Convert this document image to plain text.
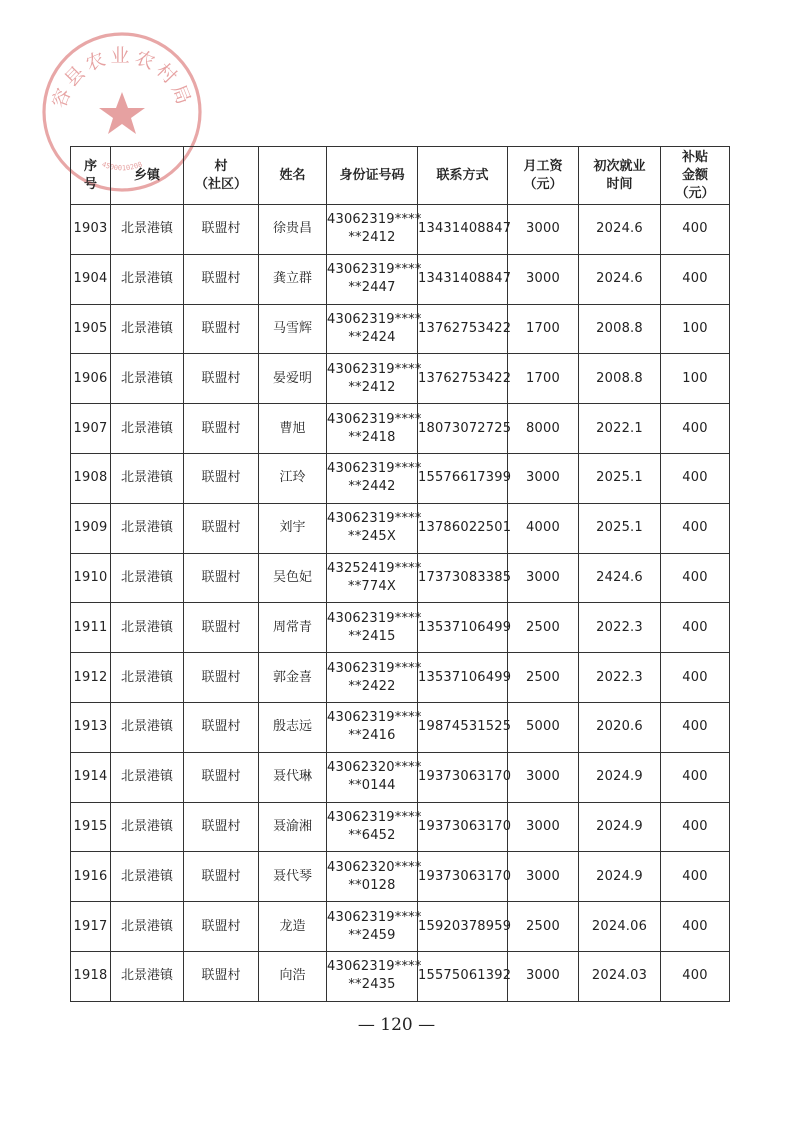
容县农业农村局
4500010208
序
号	乡镇	村
（社区）	姓名	身份证号码	联系方式	月工资
（元）	初次就业
时间	补贴
金额
（元）
1903	北景港镇	联盟村	徐贵昌	43062319****
**2412	13431408847	3000	2024.6	400
1904	北景港镇	联盟村	龚立群	43062319****
**2447	13431408847	3000	2024.6	400
1905	北景港镇	联盟村	马雪辉	43062319****
**2424	13762753422	1700	2008.8	100
1906	北景港镇	联盟村	晏爱明	43062319****
**2412	13762753422	1700	2008.8	100
1907	北景港镇	联盟村	曹旭	43062319****
**2418	18073072725	8000	2022.1	400
1908	北景港镇	联盟村	江玲	43062319****
**2442	15576617399	3000	2025.1	400
1909	北景港镇	联盟村	刘宇	43062319****
**245X	13786022501	4000	2025.1	400
1910	北景港镇	联盟村	吴色妃	43252419****
**774X	17373083385	3000	2424.6	400
1911	北景港镇	联盟村	周常青	43062319****
**2415	13537106499	2500	2022.3	400
1912	北景港镇	联盟村	郭金喜	43062319****
**2422	13537106499	2500	2022.3	400
1913	北景港镇	联盟村	殷志远	43062319****
**2416	19874531525	5000	2020.6	400
1914	北景港镇	联盟村	聂代琳	43062320****
**0144	19373063170	3000	2024.9	400
1915	北景港镇	联盟村	聂渝湘	43062319****
**6452	19373063170	3000	2024.9	400
1916	北景港镇	联盟村	聂代琴	43062320****
**0128	19373063170	3000	2024.9	400
1917	北景港镇	联盟村	龙造	43062319****
**2459	15920378959	2500	2024.06	400
1918	北景港镇	联盟村	向浩	43062319****
**2435	15575061392	3000	2024.03	400
— 120 —
